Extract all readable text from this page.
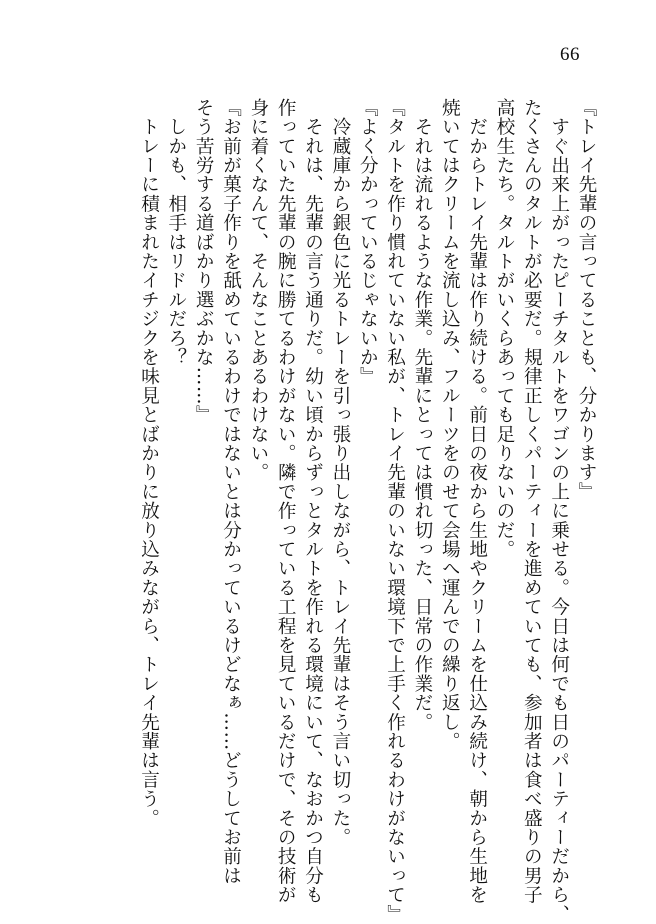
66
『トレイ先輩の言ってることも、分かります』
　すぐ出来上がったピーチタルトをワゴンの上に乗せる。今日は何でも日のパーティーだから、
たくさんのタルトが必要だ。規律正しくパーティーを進めていても、参加者は食べ盛りの男子
高校生たち。タルトがいくらあっても足りないのだ。
　だからトレイ先輩は作り続ける。前日の夜から生地やクリームを仕込み続け、朝から生地を
焼いてはクリームを流し込み、フルーツをのせて会場へ運んでの繰り返し。
　それは流れるような作業。先輩にとっては慣れ切った、日常の作業だ。
『タルトを作り慣れていない私が、トレイ先輩のいない環境下で上手く作れるわけがないって』
『よく分かっているじゃないか』
　冷蔵庫から銀色に光るトレーを引っ張り出しながら、トレイ先輩はそう言い切った。
　それは、先輩の言う通りだ。幼い頃からずっとタルトを作れる環境にいて、なおかつ自分も
作っていた先輩の腕に勝てるわけがない。隣で作っている工程を見ているだけで、その技術が
身に着くなんて、そんなことあるわけない。
『お前が菓子作りを舐めているわけではないとは分かっているけどなぁ……どうしてお前は
そう苦労する道ばかり選ぶかな……』
　しかも、相手はリドルだろ？
　トレーに積まれたイチジクを味見とばかりに放り込みながら、トレイ先輩は言う。
